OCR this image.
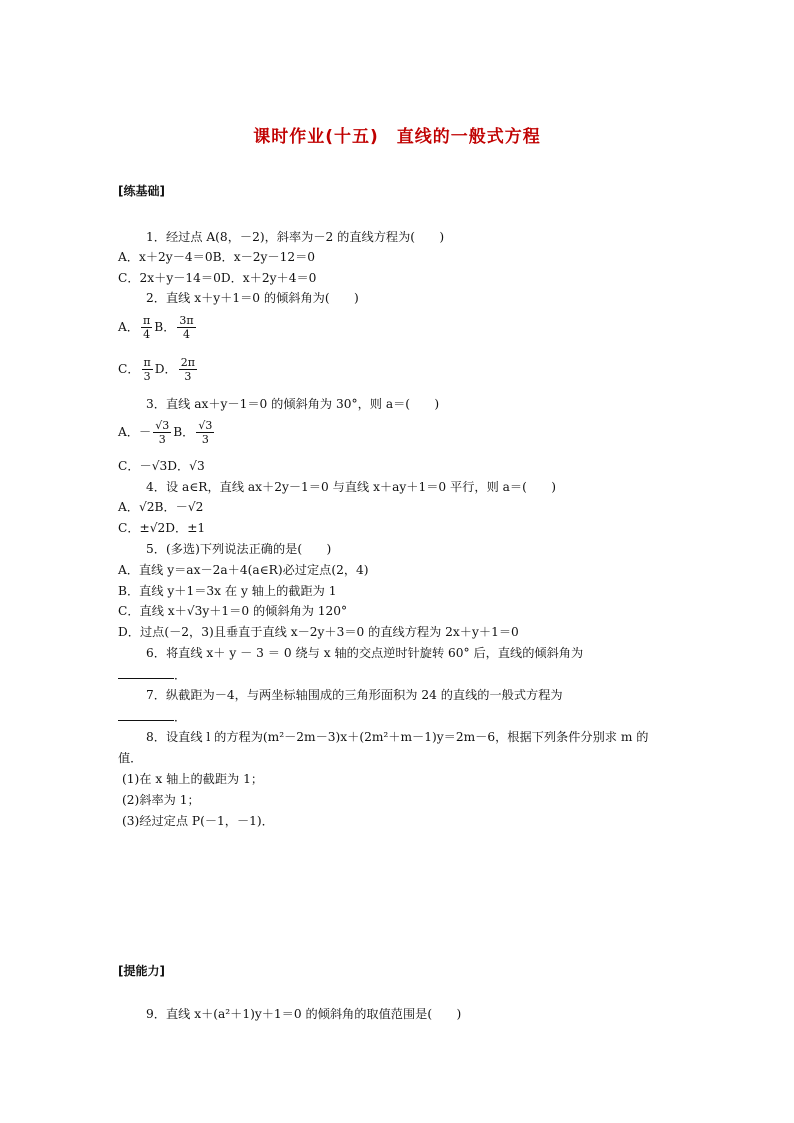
课时作业(十五)　直线的一般式方程
[练基础]
1．经过点 A(8，－2)，斜率为－2 的直线方程为(　　)
A．x＋2y－4＝0B．x－2y－12＝0
C．2x＋y－14＝0D．x＋2y＋4＝0
2．直线 x＋y＋1＝0 的倾斜角为(　　)
A． $\frac{\pi}{4}$ B． $\frac{3\pi}{4}$
C． $\frac{\pi}{3}$ D． $\frac{2\pi}{3}$
3．直线 ax＋y－1＝0 的倾斜角为 30°，则 a＝(　　)
A．－ $\frac{√3}{3}$ B． $\frac{√3}{3}$
C．－√3D．√3
4．设 a∈R，直线 ax＋2y－1＝0 与直线 x＋ay＋1＝0 平行，则 a＝(　　)
A．√2B．－√2
C．±√2D．±1
5．(多选)下列说法正确的是(　　)
A．直线 y＝ax－2a＋4(a∈R)必过定点(2，4)
B．直线 y＋1＝3x 在 y 轴上的截距为 1
C．直线 x＋√3y＋1＝0 的倾斜角为 120°
D．过点(－2，3)且垂直于直线 x－2y＋3＝0 的直线方程为 2x＋y＋1＝0
6．将直线 x＋ y － 3 ＝ 0 绕与 x 轴的交点逆时针旋转 60° 后，直线的倾斜角为
．
7．纵截距为－4，与两坐标轴围成的三角形面积为 24 的直线的一般式方程为
．
8．设直线 l 的方程为(m²－2m－3)x＋(2m²＋m－1)y＝2m－6，根据下列条件分别求 m 的
值．
(1)在 x 轴上的截距为 1；
(2)斜率为 1；
(3)经过定点 P(－1，－1)．
[提能力]
9．直线 x＋(a²＋1)y＋1＝0 的倾斜角的取值范围是(　　)
